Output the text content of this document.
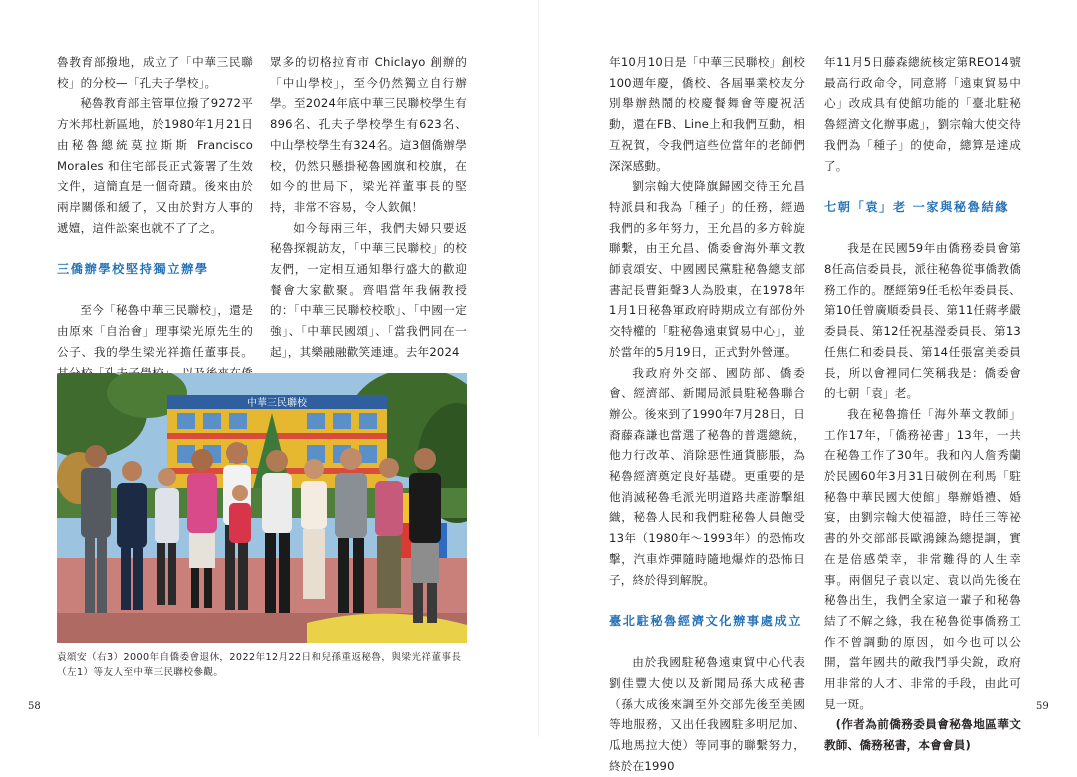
魯教育部撥地，成立了「中華三民聯校」的分校—「孔夫子學校」。

秘魯教育部主管單位撥了9272平方米邦杜新區地，於1980年1月21日由秘魯總統莫拉斯斯 Francisco Morales 和住宅部長正式簽署了生效文件，這簡直是一個奇蹟。後來由於兩岸關係和緩了，又由於對方人事的遞嬗，這件訟案也就不了了之。

三僑辦學校堅持獨立辦學

至今「秘魯中華三民聯校」，還是由原來「自治會」理事梁光原先生的公子、我的學生梁光祥擔任董事長。

眾多的切格拉育市 Chiclayo 創辦的「中山學校」，至今仍然獨立自行辦學。至2024年底中華三民聯校學生有896名、孔夫子學校學生有623名、中山學校學生有324名。這3個僑辦學校，仍然只懸掛秘魯國旗和校旗，在如今的世局下，梁光祥董事長的堅持，非常不容易，令人欽佩！

如今每兩三年，我們夫婦只要返秘魯探親訪友，「中華三民聯校」的校友們，一定相互通知舉行盛大的歡迎餐會大家歡聚。齊唱當年我倆教授的：「中華三民聯校校歌」、「中國一定強」、「中華民國頌」、「當我們同在一起」，其樂融融歡笑連連。去年2024

中華三民聯校
袁頌安（右3）2000年自僑委會退休，2022年12月22日和兒孫重返秘魯，與梁光祥董事長（左1）等友人至中華三民聯校參觀。
58

年10月10日是「中華三民聯校」創校100週年慶，僑校、各屆畢業校友分別舉辦熱鬧的校慶餐舞會等慶祝活動，還在FB、Line上和我們互動，相互祝賀，令我們這些位當年的老師們深深感動。

劉宗翰大使降旗歸國交待王允昌特派員和我為「種子」的任務，經過我們的多年努力，王允昌的多方斡旋聯繫，由王允昌、僑委會海外華文教師袁頌安、中國國民黨駐秘魯總支部書記長曹鉅聲3人為股東，在1978年1月1日秘魯軍政府時期成立有部份外交特權的「駐秘魯遠東貿易中心」，並於當年的5月19日，正式對外營運。

我政府外交部、國防部、僑委會、經濟部、新聞局派員駐秘魯聯合辦公。後來到了1990年7月28日，日裔藤森謙也當選了秘魯的普選總統，他力行改革、消除惡性通貨膨脹，為秘魯經濟奠定良好基礎。更重要的是他消滅秘魯毛派光明道路共產游擊組織，秘魯人民和我們駐秘魯人員飽受13年（1980年～1993年）的恐怖攻擊，汽車炸彈隨時隨地爆炸的恐怖日子，終於得到解脫。

臺北駐秘魯經濟文化辦事處成立

由於我國駐秘魯遠東貿中心代表劉佳豐大使以及新聞局孫大成秘書（孫大成後來調至外交部先後至美國等地服務，又出任我國駐多明尼加、瓜地馬拉大使）等同事的聯繫努力，終於在1990

年11月5日藤森總統核定第REO14號最高行政命令，同意將「遠東貿易中心」改成具有使館功能的「臺北駐秘魯經濟文化辦事處」，劉宗翰大使交待我們為「種子」的使命，總算是達成了。

七朝「袁」老 一家與秘魯結緣

我是在民國59年由僑務委員會第8任高信委員長，派往秘魯從事僑教僑務工作的。歷經第9任毛松年委員長、第10任曾廣順委員長、第11任蔣孝嚴委員長、第12任祝基瀅委員長、第13任焦仁和委員長、第14任張富美委員長，所以會裡同仁笑稱我是：僑委會的七朝「袁」老。

我在秘魯擔任「海外華文教師」工作17年，「僑務祕書」13年，一共在秘魯工作了30年。我和內人詹秀蘭於民國60年3月31日破例在利馬「駐秘魯中華民國大使館」舉辦婚禮、婚宴，由劉宗翰大使福證，時任三等祕書的外交部部長歐鴻鍊為總提調，實在是倍感榮幸，非常難得的人生幸事。兩個兒子袁以定、袁以尚先後在秘魯出生，我們全家這一輩子和秘魯結了不解之緣，我在秘魯從事僑務工作不曾調動的原因，如今也可以公開，當年國共的敵我鬥爭尖銳，政府用非常的人才、非常的手段，由此可見一斑。

(作者為前僑務委員會秘魯地區華文教師、僑務秘書，本會會員)

59
